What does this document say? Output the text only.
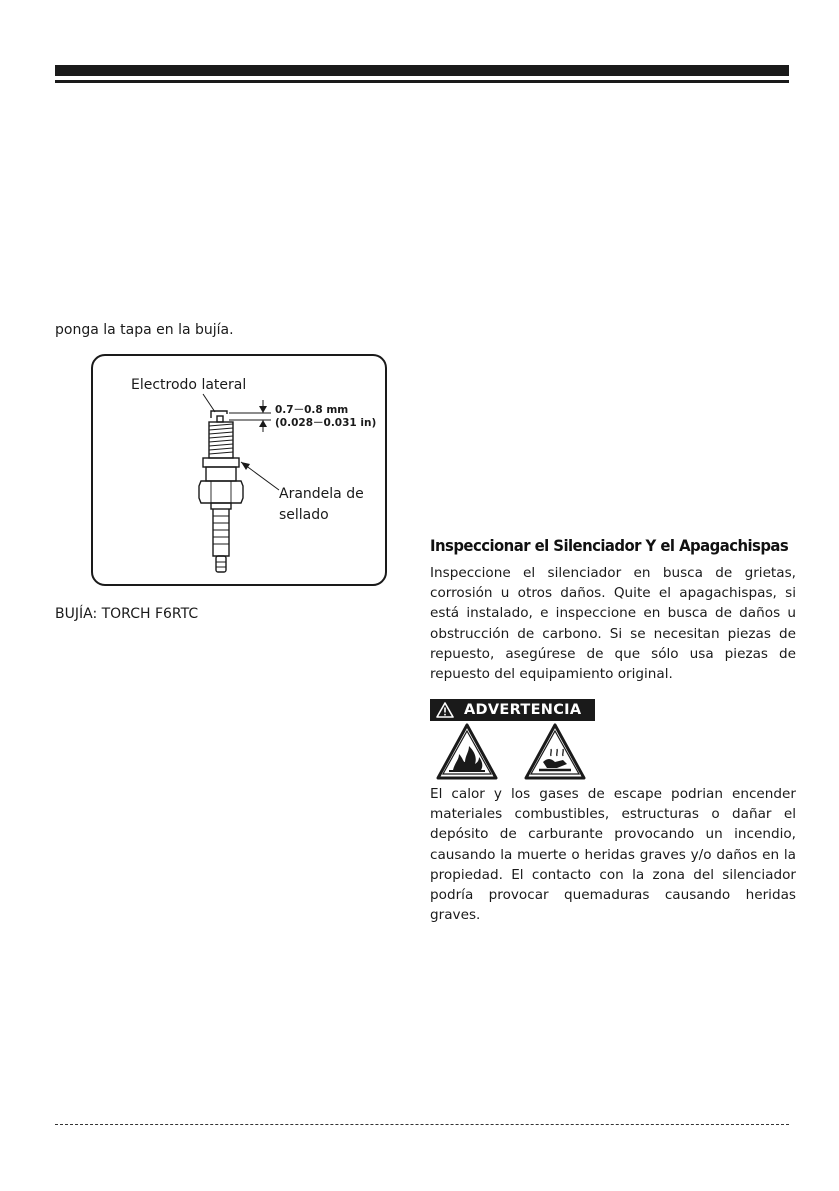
ponga la tapa en la bujía.
Electrodo lateral
0.7－0.8 mm
(0.028－0.031 in)
Arandela de sellado
BUJÍA: TORCH F6RTC
Inspeccionar el Silenciador Y el Apagachispas
Inspeccione el silenciador en busca de grietas, corrosión u otros daños. Quite el apagachispas, si está instalado, e inspeccione en busca de daños u obstrucción de carbono. Si se necesitan piezas de repuesto, asegúrese de que sólo usa piezas de repuesto del equipamiento original.
ADVERTENCIA
El calor y los gases de escape podrian encender materiales combustibles, estructuras o dañar el depósito de carburante provocando un incendio, causando la muerte o heridas graves y/o daños en la propiedad. El contacto con la zona del silenciador podría provocar quemaduras causando heridas graves.
